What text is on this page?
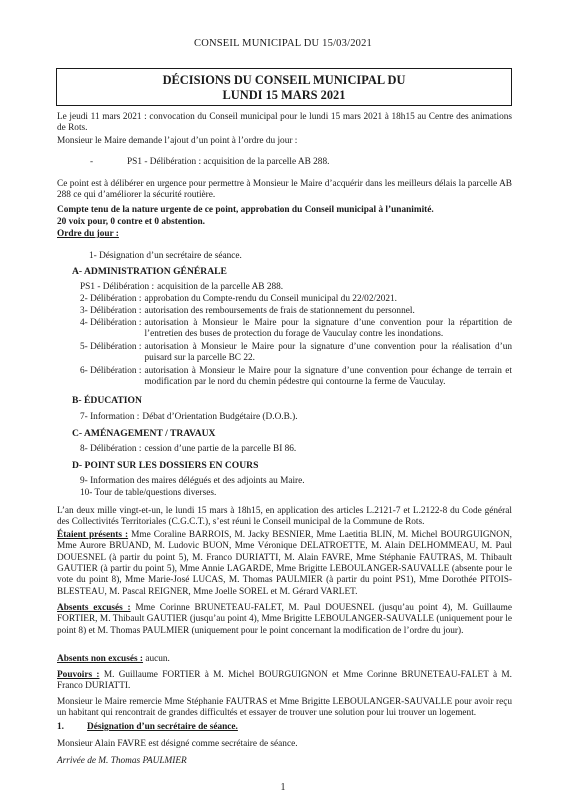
CONSEIL MUNICIPAL DU 15/03/2021
DÉCISIONS DU CONSEIL MUNICIPAL DU
LUNDI 15 MARS 2021
Le jeudi 11 mars 2021 : convocation du Conseil municipal pour le lundi 15 mars 2021 à 18h15 au Centre des animations de Rots.
Monsieur le Maire demande l’ajout d’un point à l’ordre du jour :
-	PS1 - Délibération : acquisition de la parcelle AB 288.
Ce point est à délibérer en urgence pour permettre à Monsieur le Maire d’acquérir dans les meilleurs délais la parcelle AB 288 ce qui d’améliorer la sécurité routière.
Compte tenu de la nature urgente de ce point, approbation du Conseil municipal à l’unanimité.
20 voix pour, 0 contre et 0 abstention.
Ordre du jour :
1- Désignation d’un secrétaire de séance.
A- ADMINISTRATION GÉNÉRALE
PS1 - Délibération : acquisition de la parcelle AB 288.
2- Délibération : approbation du Compte-rendu du Conseil municipal du 22/02/2021.
3- Délibération : autorisation des remboursements de frais de stationnement du personnel.
4- Délibération : autorisation à Monsieur le Maire pour la signature d’une convention pour la répartition de l’entretien des buses de protection du forage de Vauculay contre les inondations.
5- Délibération : autorisation à Monsieur le Maire pour la signature d’une convention pour la réalisation d’un puisard sur la parcelle BC 22.
6- Délibération : autorisation à Monsieur le Maire pour la signature d’une convention pour échange de terrain et modification par le nord du chemin pédestre qui contourne la ferme de Vauculay.
B- ÉDUCATION
7- Information : Débat d’Orientation Budgétaire (D.O.B.).
C- AMÉNAGEMENT / TRAVAUX
8- Délibération : cession d’une partie de la parcelle BI 86.
D- POINT SUR LES DOSSIERS EN COURS
9- Information des maires délégués et des adjoints au Maire.
10- Tour de table/questions diverses.
L’an deux mille vingt-et-un, le lundi 15 mars à 18h15, en application des articles L.2121-7 et L.2122-8 du Code général des Collectivités Territoriales (C.G.C.T.), s’est réuni le Conseil municipal de la Commune de Rots.
Étaient présents : Mme Coraline BARROIS, M. Jacky BESNIER, Mme Laetitia BLIN, M. Michel BOURGUIGNON, Mme Aurore BRUAND, M. Ludovic BUON, Mme Véronique DELATROETTE, M. Alain DELHOMMEAU, M. Paul DOUESNEL (à partir du point 5), M. Franco DURIATTI, M. Alain FAVRE, Mme Stéphanie FAUTRAS, M. Thibault GAUTIER (à partir du point 5), Mme Annie LAGARDE, Mme Brigitte LEBOULANGER-SAUVALLE (absente pour le vote du point 8), Mme Marie-José LUCAS, M. Thomas PAULMIER (à partir du point PS1), Mme Dorothée PITOIS-BLESTEAU, M. Pascal REIGNER, Mme Joelle SOREL et M. Gérard VARLET.
Absents excusés : Mme Corinne BRUNETEAU-FALET, M. Paul DOUESNEL (jusqu’au point 4), M. Guillaume FORTIER, M. Thibault GAUTIER (jusqu’au point 4), Mme Brigitte LEBOULANGER-SAUVALLE (uniquement pour le point 8) et M. Thomas PAULMIER (uniquement pour le point concernant la modification de l’ordre du jour).
Absents non excusés : aucun.
Pouvoirs : M. Guillaume FORTIER à M. Michel BOURGUIGNON et Mme Corinne BRUNETEAU-FALET à M. Franco DURIATTI.
Monsieur le Maire remercie Mme Stéphanie FAUTRAS et Mme Brigitte LEBOULANGER-SAUVALLE pour avoir reçu un habitant qui rencontrait de grandes difficultés et essayer de trouver une solution pour lui trouver un logement.
1.	Désignation d’un secrétaire de séance.
Monsieur Alain FAVRE est désigné comme secrétaire de séance.
Arrivée de M. Thomas PAULMIER
1
